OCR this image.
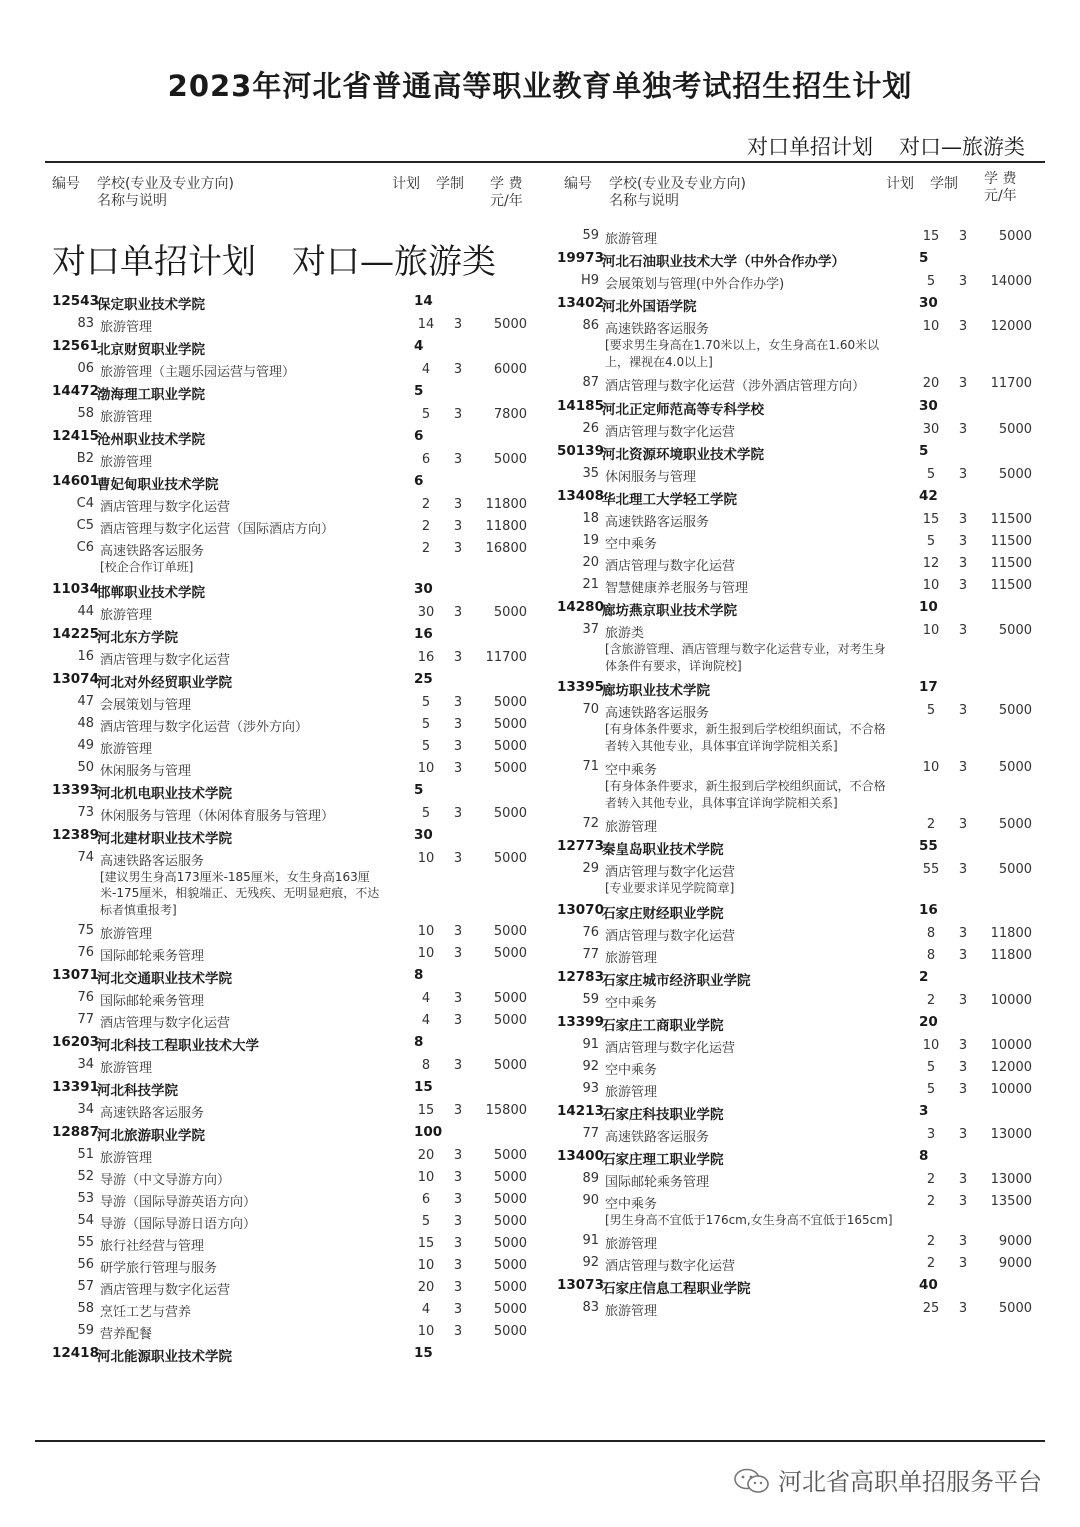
2023年河北省普通高等职业教育单独考试招生招生计划
对口单招计划 对口—旅游类
编号 学校(专业及专业方向)
名称与说明
计划 学制 学 费
元/年
编号 学校(专业及专业方向)
名称与说明
计划 学制 学 费
元/年
对口单招计划 对口—旅游类
12543
保定职业技术学院	14
83 旅游管理	14	3	5000
12561
北京财贸职业学院	4
06 旅游管理（主题乐园运营与管理）	4	3	6000
14472
渤海理工职业学院	5
58 旅游管理	5	3	7800
12415
沧州职业技术学院	6
B2 旅游管理	6	3	5000
14601
曹妃甸职业技术学院	6
C4 酒店管理与数字化运营	2	3	11800
C5 酒店管理与数字化运营（国际酒店方向）	2	3	11800
C6 高速铁路客运服务	2	3	16800
[校企合作订单班]
11034
邯郸职业技术学院	30
44 旅游管理	30	3	5000
14225
河北东方学院	16
16 酒店管理与数字化运营	16	3	11700
13074
河北对外经贸职业学院	25
47 会展策划与管理	5	3	5000
48 酒店管理与数字化运营（涉外方向）	5	3	5000
49 旅游管理	5	3	5000
50 休闲服务与管理	10	3	5000
13393
河北机电职业技术学院	5
73 休闲服务与管理（休闲体育服务与管理）	5	3	5000
12389
河北建材职业技术学院	30
74 高速铁路客运服务	10	3	5000
[建议男生身高173厘米-185厘米，女生身高163厘米-175厘米，相貌端正、无残疾、无明显疤痕，不达标者慎重报考]
75 旅游管理	10	3	5000
76 国际邮轮乘务管理	10	3	5000
13071
河北交通职业技术学院	8
76 国际邮轮乘务管理	4	3	5000
77 酒店管理与数字化运营	4	3	5000
16203
河北科技工程职业技术大学	8
34 旅游管理	8	3	5000
13391
河北科技学院	15
34 高速铁路客运服务	15	3	15800
12887
河北旅游职业学院	100
51 旅游管理	20	3	5000
52 导游（中文导游方向）	10	3	5000
53 导游（国际导游英语方向）	6	3	5000
54 导游（国际导游日语方向）	5	3	5000
55 旅行社经营与管理	15	3	5000
56 研学旅行管理与服务	10	3	5000
57 酒店管理与数字化运营	20	3	5000
58 烹饪工艺与营养	4	3	5000
59 营养配餐	10	3	5000
12418
河北能源职业技术学院	15
59 旅游管理	15	3	5000
19973
河北石油职业技术大学（中外合作办学）	5
H9 会展策划与管理(中外合作办学)	5	3	14000
13402
河北外国语学院	30
86 高速铁路客运服务	10	3	12000
[要求男生身高在1.70米以上，女生身高在1.60米以上，裸视在4.0以上]
87 酒店管理与数字化运营（涉外酒店管理方向）	20	3	11700
14185
河北正定师范高等专科学校	30
26 酒店管理与数字化运营	30	3	5000
50139
河北资源环境职业技术学院	5
35 休闲服务与管理	5	3	5000
13408
华北理工大学轻工学院	42
18 高速铁路客运服务	15	3	11500
19 空中乘务	5	3	11500
20 酒店管理与数字化运营	12	3	11500
21 智慧健康养老服务与管理	10	3	11500
14280
廊坊燕京职业技术学院	10
37 旅游类	10	3	5000
[含旅游管理、酒店管理与数字化运营专业，对考生身体条件有要求，详询院校]
13395
廊坊职业技术学院	17
70 高速铁路客运服务	5	3	5000
[有身体条件要求，新生报到后学校组织面试，不合格者转入其他专业，具体事宜详询学院相关系]
71 空中乘务	10	3	5000
[有身体条件要求，新生报到后学校组织面试，不合格者转入其他专业，具体事宜详询学院相关系]
72 旅游管理	2	3	5000
12773
秦皇岛职业技术学院	55
29 酒店管理与数字化运营	55	3	5000
[专业要求详见学院简章]
13070
石家庄财经职业学院	16
76 酒店管理与数字化运营	8	3	11800
77 旅游管理	8	3	11800
12783
石家庄城市经济职业学院	2
59 空中乘务	2	3	10000
13399
石家庄工商职业学院	20
91 酒店管理与数字化运营	10	3	10000
92 空中乘务	5	3	12000
93 旅游管理	5	3	10000
14213
石家庄科技职业学院	3
77 高速铁路客运服务	3	3	13000
13400
石家庄理工职业学院	8
89 国际邮轮乘务管理	2	3	13000
90 空中乘务	2	3	13500
[男生身高不宜低于176cm,女生身高不宜低于165cm]
91 旅游管理	2	3	9000
92 酒店管理与数字化运营	2	3	9000
13073
石家庄信息工程职业学院	40
83 旅游管理	25	3	5000
河北省高职单招服务平台
